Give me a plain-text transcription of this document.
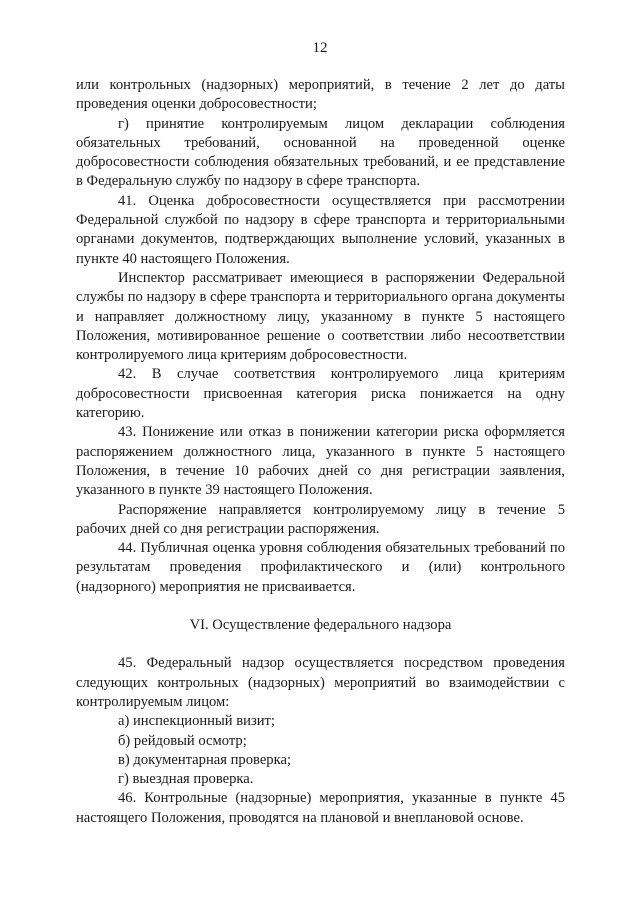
12

или контрольных (надзорных) мероприятий, в течение 2 лет до даты проведения оценки добросовестности;

г) принятие контролируемым лицом декларации соблюдения обязательных требований, основанной на проведенной оценке добросовестности соблюдения обязательных требований, и ее представление в Федеральную службу по надзору в сфере транспорта.

41. Оценка добросовестности осуществляется при рассмотрении Федеральной службой по надзору в сфере транспорта и территориальными органами документов, подтверждающих выполнение условий, указанных в пункте 40 настоящего Положения.

Инспектор рассматривает имеющиеся в распоряжении Федеральной службы по надзору в сфере транспорта и территориального органа документы и направляет должностному лицу, указанному в пункте 5 настоящего Положения, мотивированное решение о соответствии либо несоответствии контролируемого лица критериям добросовестности.

42. В случае соответствия контролируемого лица критериям добросовестности присвоенная категория риска понижается на одну категорию.

43. Понижение или отказ в понижении категории риска оформляется распоряжением должностного лица, указанного в пункте 5 настоящего Положения, в течение 10 рабочих дней со дня регистрации заявления, указанного в пункте 39 настоящего Положения.

Распоряжение направляется контролируемому лицу в течение 5 рабочих дней со дня регистрации распоряжения.

44. Публичная оценка уровня соблюдения обязательных требований по результатам проведения профилактического и (или) контрольного (надзорного) мероприятия не присваивается.

VI. Осуществление федерального надзора

45. Федеральный надзор осуществляется посредством проведения следующих контрольных (надзорных) мероприятий во взаимодействии с контролируемым лицом:

а) инспекционный визит;

б) рейдовый осмотр;

в) документарная проверка;

г) выездная проверка.

46. Контрольные (надзорные) мероприятия, указанные в пункте 45 настоящего Положения, проводятся на плановой и внеплановой основе.
